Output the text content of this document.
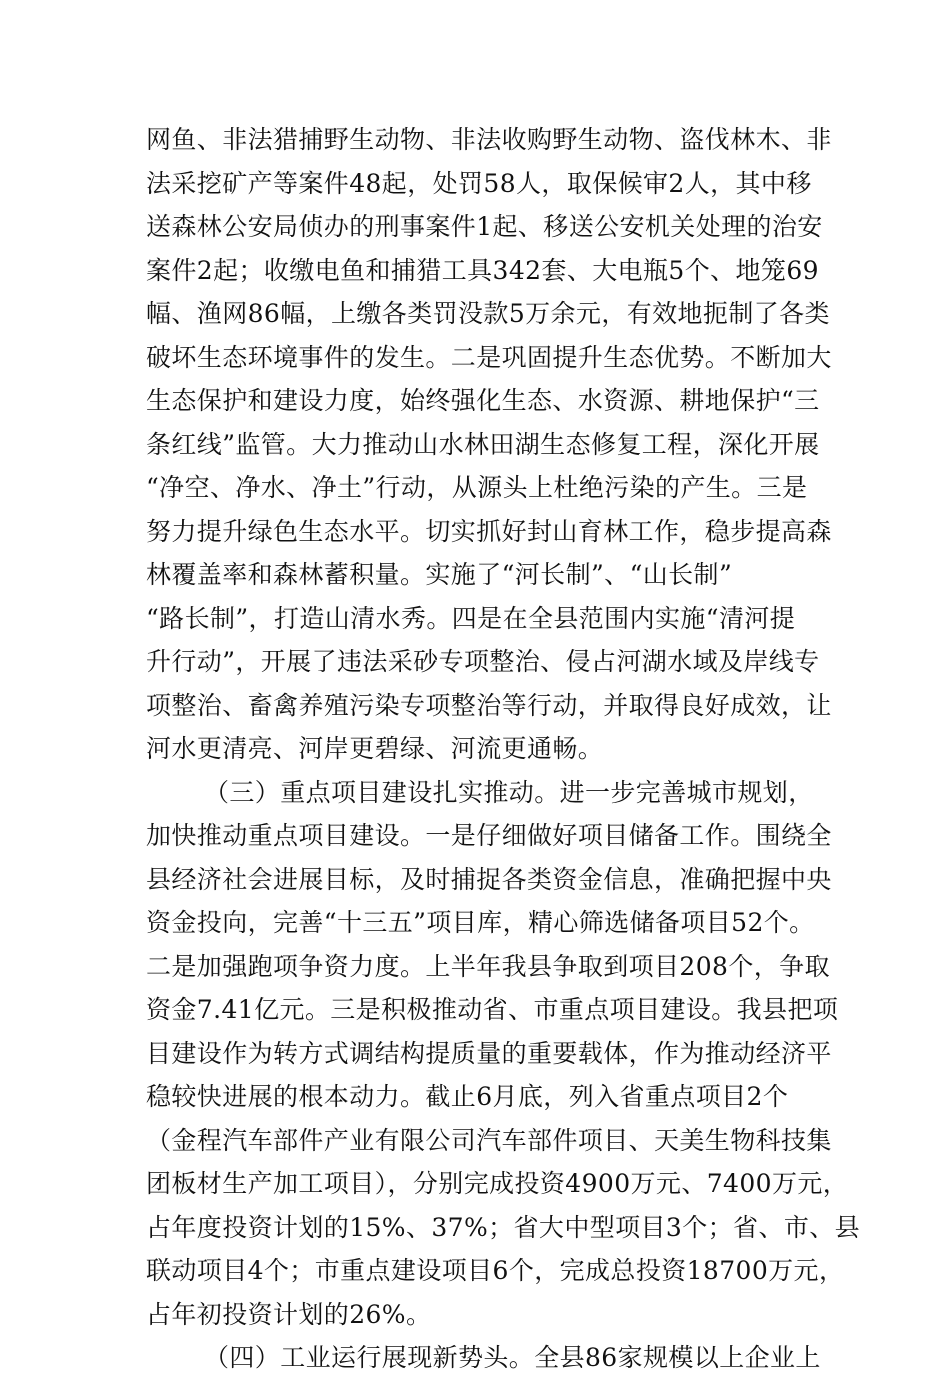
网鱼、非法猎捕野生动物、非法收购野生动物、盗伐林木、非
法采挖矿产等案件48起，处罚58人，取保候审2人，其中移
送森林公安局侦办的刑事案件1起、移送公安机关处理的治安
案件2起；收缴电鱼和捕猎工具342套、大电瓶5个、地笼69
幅、渔网86幅，上缴各类罚没款5万余元，有效地扼制了各类
破坏生态环境事件的发生。二是巩固提升生态优势。不断加大
生态保护和建设力度，始终强化生态、水资源、耕地保护“三
条红线”监管。大力推动山水林田湖生态修复工程，深化开展
“净空、净水、净土”行动，从源头上杜绝污染的产生。三是
努力提升绿色生态水平。切实抓好封山育林工作，稳步提高森
林覆盖率和森林蓄积量。实施了“河长制”、“山长制”
“路长制”，打造山清水秀。四是在全县范围内实施“清河提
升行动”，开展了违法采砂专项整治、侵占河湖水域及岸线专
项整治、畜禽养殖污染专项整治等行动，并取得良好成效，让
河水更清亮、河岸更碧绿、河流更通畅。
（三）重点项目建设扎实推动。进一步完善城市规划，
加快推动重点项目建设。一是仔细做好项目储备工作。围绕全
县经济社会进展目标，及时捕捉各类资金信息，准确把握中央
资金投向，完善“十三五”项目库，精心筛选储备项目52个。
二是加强跑项争资力度。上半年我县争取到项目208个，争取
资金7.41亿元。三是积极推动省、市重点项目建设。我县把项
目建设作为转方式调结构提质量的重要载体，作为推动经济平
稳较快进展的根本动力。截止6月底，列入省重点项目2个
（金程汽车部件产业有限公司汽车部件项目、天美生物科技集
团板材生产加工项目），分别完成投资4900万元、7400万元，
占年度投资计划的15%、37%；省大中型项目3个；省、市、县
联动项目4个；市重点建设项目6个，完成总投资18700万元，
占年初投资计划的26%。
（四）工业运行展现新势头。全县86家规模以上企业上
